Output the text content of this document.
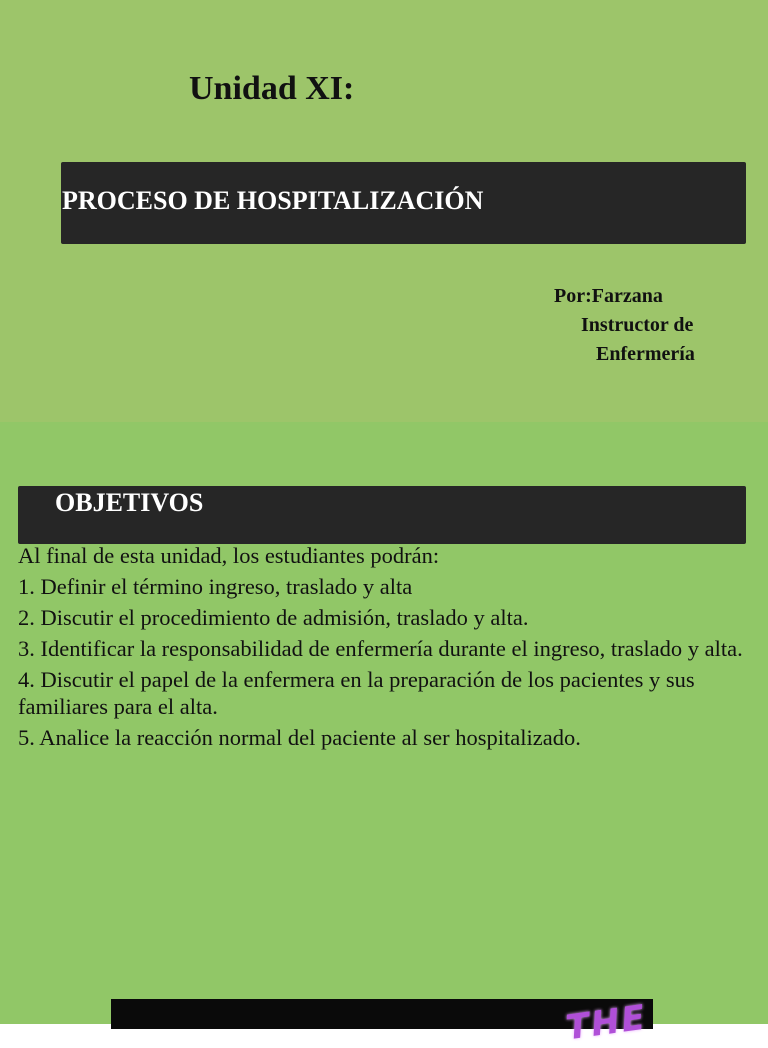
Unidad XI:
PROCESO DE HOSPITALIZACIÓN
Por:Farzana
Instructor de
Enfermería
OBJETIVOS

Al final de esta unidad, los estudiantes podrán:

1. Definir el término ingreso, traslado y alta
2. Discutir el procedimiento de admisión, traslado y alta.
3. Identificar la responsabilidad de enfermería durante el ingreso, traslado y alta.
4. Discutir el papel de la enfermera en la preparación de los pacientes y sus familiares para el alta.
5. Analice la reacción normal del paciente al ser hospitalizado.
THE
